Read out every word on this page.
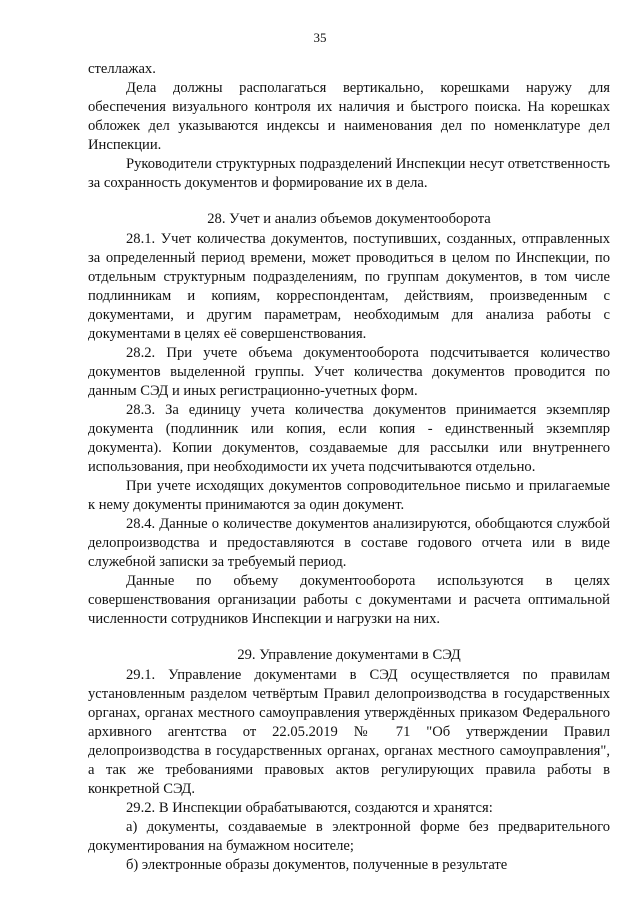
35

стеллажах.

Дела должны располагаться вертикально, корешками наружу для обеспечения визуального контроля их наличия и быстрого поиска. На корешках обложек дел указываются индексы и наименования дел по номенклатуре дел Инспекции.

Руководители структурных подразделений Инспекции несут ответственность за сохранность документов и формирование их в дела.

28. Учет и анализ объемов документооборота

28.1. Учет количества документов, поступивших, созданных, отправленных за определенный период времени, может проводиться в целом по Инспекции, по отдельным структурным подразделениям, по группам документов, в том числе подлинникам и копиям, корреспондентам, действиям, произведенным с документами, и другим параметрам, необходимым для анализа работы с документами в целях её совершенствования.

28.2. При учете объема документооборота подсчитывается количество документов выделенной группы. Учет количества документов проводится по данным СЭД и иных регистрационно-учетных форм.

28.3. За единицу учета количества документов принимается экземпляр документа (подлинник или копия, если копия - единственный экземпляр документа). Копии документов, создаваемые для рассылки или внутреннего использования, при необходимости их учета подсчитываются отдельно.

При учете исходящих документов сопроводительное письмо и прилагаемые к нему документы принимаются за один документ.

28.4. Данные о количестве документов анализируются, обобщаются службой делопроизводства и предоставляются в составе годового отчета или в виде служебной записки за требуемый период.

Данные по объему документооборота используются в целях совершенствования организации работы с документами и расчета оптимальной численности сотрудников Инспекции и нагрузки на них.

29. Управление документами в СЭД

29.1. Управление документами в СЭД осуществляется по правилам установленным разделом четвёртым Правил делопроизводства в государственных органах, органах местного самоуправления утверждённых приказом Федерального архивного агентства от 22.05.2019 № 71 "Об утверждении Правил делопроизводства в государственных органах, органах местного самоуправления", а так же требованиями правовых актов регулирующих правила работы в конкретной СЭД.

29.2. В Инспекции обрабатываются, создаются и хранятся:

а) документы, создаваемые в электронной форме без предварительного документирования на бумажном носителе;

б) электронные образы документов, полученные в результате
